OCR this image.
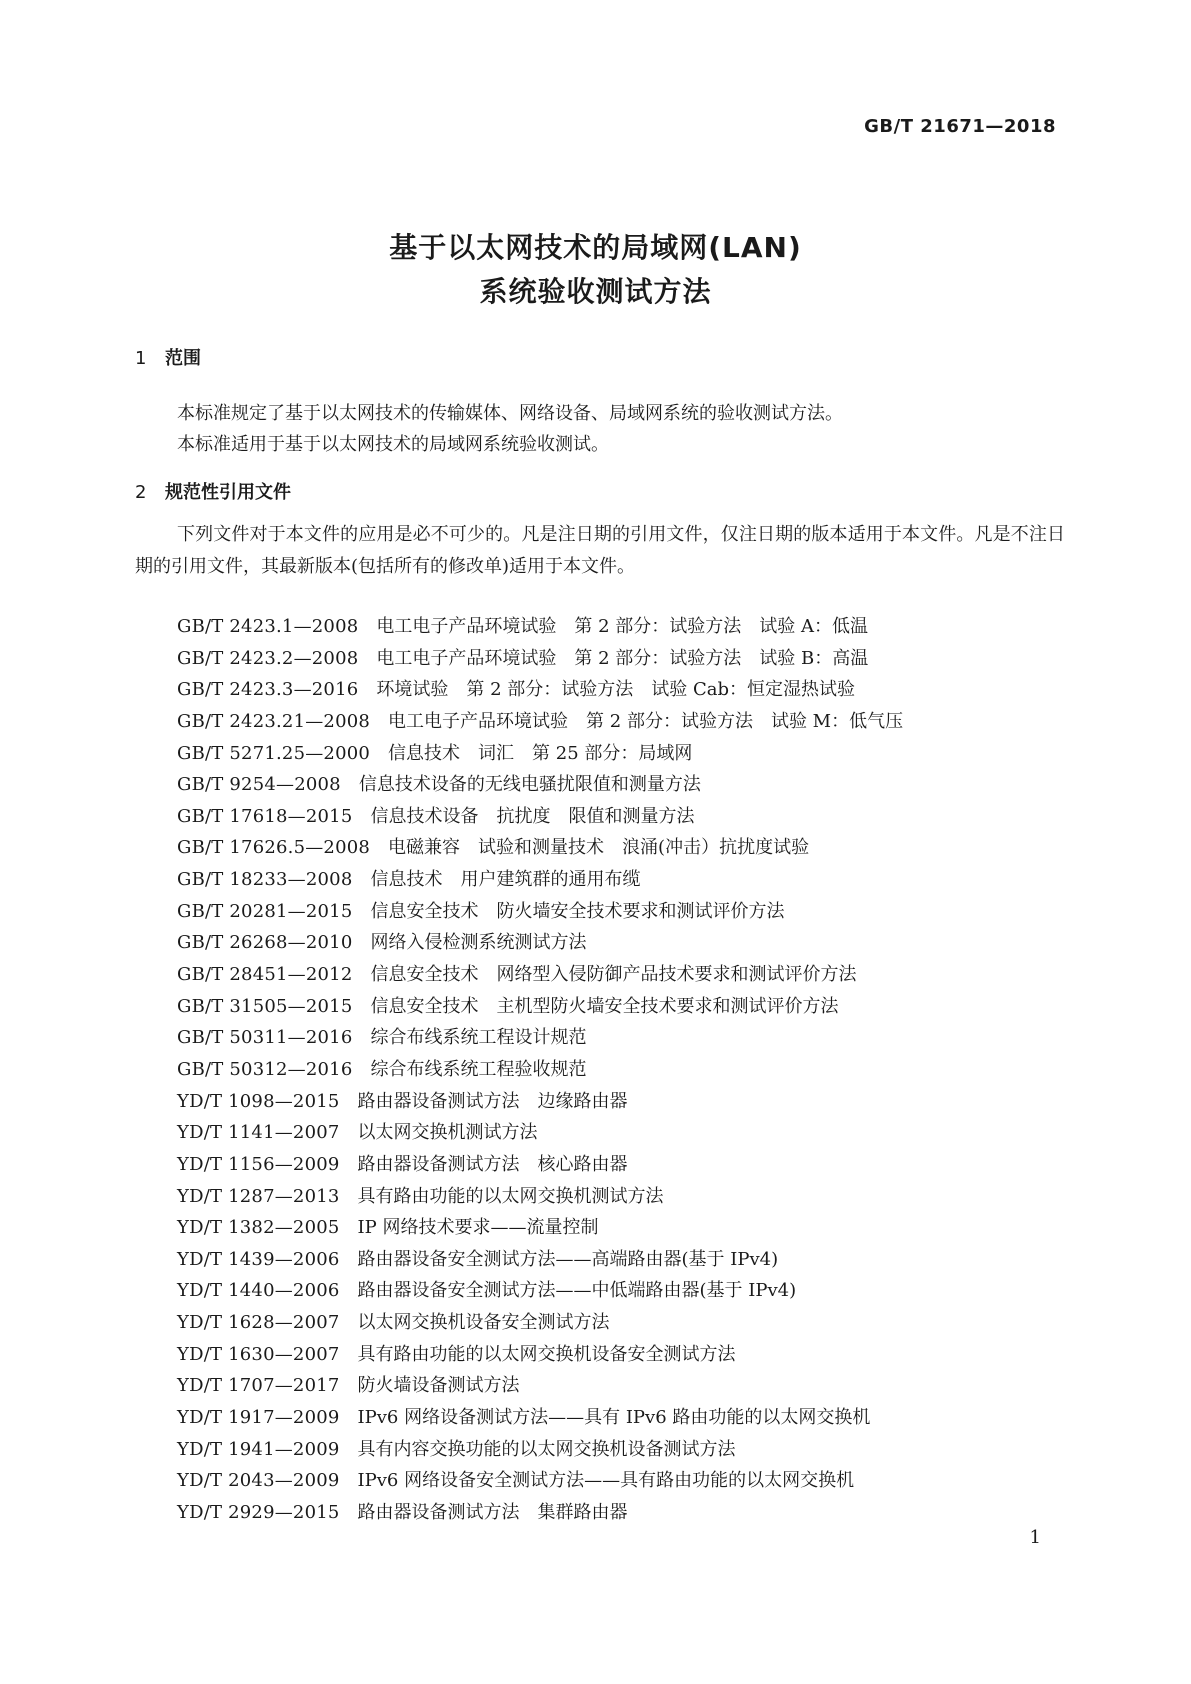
GB/T 21671—2018
基于以太网技术的局域网(LAN)
系统验收测试方法
1 范围
本标准规定了基于以太网技术的传输媒体、网络设备、局域网系统的验收测试方法。
本标准适用于基于以太网技术的局域网系统验收测试。
2 规范性引用文件
下列文件对于本文件的应用是必不可少的。凡是注日期的引用文件，仅注日期的版本适用于本文件。凡是不注日期的引用文件，其最新版本(包括所有的修改单)适用于本文件。
GB/T 2423.1—2008 电工电子产品环境试验　第 2 部分：试验方法　试验 A：低温
GB/T 2423.2—2008 电工电子产品环境试验　第 2 部分：试验方法　试验 B：高温
GB/T 2423.3—2016 环境试验　第 2 部分：试验方法　试验 Cab：恒定湿热试验
GB/T 2423.21—2008 电工电子产品环境试验　第 2 部分：试验方法　试验 M：低气压
GB/T 5271.25—2000 信息技术　词汇　第 25 部分：局域网
GB/T 9254—2008 信息技术设备的无线电骚扰限值和测量方法
GB/T 17618—2015 信息技术设备　抗扰度　限值和测量方法
GB/T 17626.5—2008 电磁兼容　试验和测量技术　浪涌(冲击）抗扰度试验
GB/T 18233—2008 信息技术　用户建筑群的通用布缆
GB/T 20281—2015 信息安全技术　防火墙安全技术要求和测试评价方法
GB/T 26268—2010 网络入侵检测系统测试方法
GB/T 28451—2012 信息安全技术　网络型入侵防御产品技术要求和测试评价方法
GB/T 31505—2015 信息安全技术　主机型防火墙安全技术要求和测试评价方法
GB/T 50311—2016 综合布线系统工程设计规范
GB/T 50312—2016 综合布线系统工程验收规范
YD/T 1098—2015 路由器设备测试方法　边缘路由器
YD/T 1141—2007 以太网交换机测试方法
YD/T 1156—2009 路由器设备测试方法　核心路由器
YD/T 1287—2013 具有路由功能的以太网交换机测试方法
YD/T 1382—2005 IP 网络技术要求——流量控制
YD/T 1439—2006 路由器设备安全测试方法——高端路由器(基于 IPv4)
YD/T 1440—2006 路由器设备安全测试方法——中低端路由器(基于 IPv4)
YD/T 1628—2007 以太网交换机设备安全测试方法
YD/T 1630—2007 具有路由功能的以太网交换机设备安全测试方法
YD/T 1707—2017 防火墙设备测试方法
YD/T 1917—2009 IPv6 网络设备测试方法——具有 IPv6 路由功能的以太网交换机
YD/T 1941—2009 具有内容交换功能的以太网交换机设备测试方法
YD/T 2043—2009 IPv6 网络设备安全测试方法——具有路由功能的以太网交换机
YD/T 2929—2015 路由器设备测试方法　集群路由器
1
